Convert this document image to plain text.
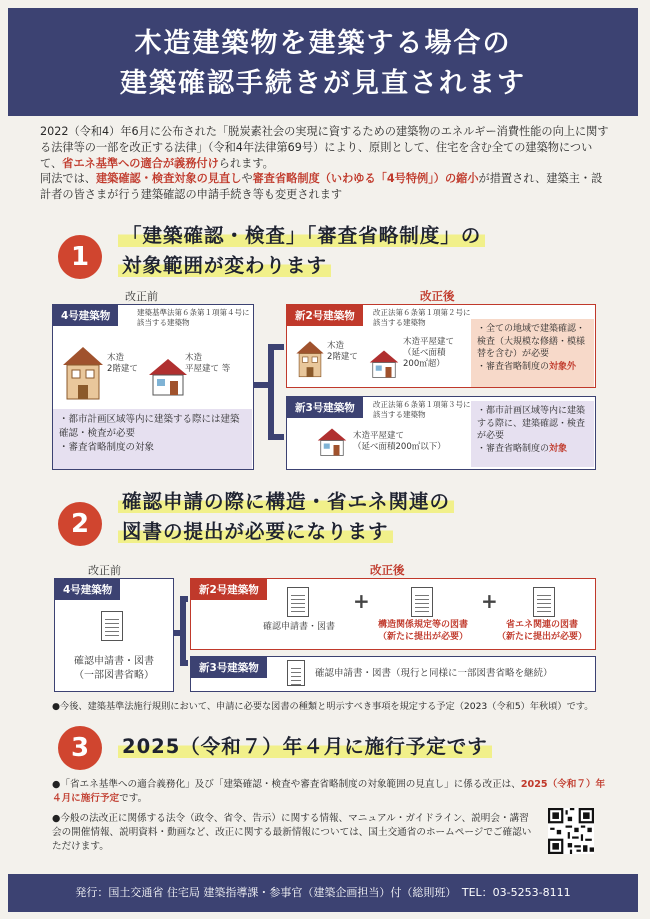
木造建築物を建築する場合の
建築確認手続きが見直されます

2022（令和4）年6月に公布された「脱炭素社会の実現に資するための建築物のエネルギー消費性能の向上に関する法律等の一部を改正する法律」（令和4年法律第69号）により、原則として、住宅を含む全ての建築物について、省エネ基準への適合が義務付けられます。

同法では、建築確認・検査対象の見直しや審査省略制度（いわゆる「4号特例」）の縮小が措置され、建築主・設計者の皆さまが行う建築確認の申請手続き等も変更されます

1
「建築確認・検査」「審査省略制度」の
対象範囲が変わります
改正前	改正後
4号建築物	建築基準法第６条第１項第４号に該当する建築物
木造
2階建て
木造
平屋建て 等
・都市計画区域等内に建築する際には建築確認・検査が必要
・審査省略制度の対象
新2号建築物	改正法第６条第１項第２号に該当する建築物
木造
2階建て
木造平屋建て
（延べ面積
200㎡超）
・全ての地域で建築確認・検査（大規模な修繕・模様 替を含む）が必要
・審査省略制度の対象外
新3号建築物	改正法第６条第１項第３号に該当する建築物
木造平屋建て
（延べ面積200㎡以下）
・都市計画区域等内に建築する際に、建築確認・検査が必要
・審査省略制度の対象
2
確認申請の際に構造・省エネ関連の
図書の提出が必要になります
改正前	改正後
4号建築物
確認申請書・図書
（一部図書省略）
新2号建築物
確認申請書・図書
+
構造関係規定等の図書
（新たに提出が必要）
+
省エネ関連の図書
（新たに提出が必要）
新3号建築物	確認申請書・図書（現行と同様に一部図書省略を継続）
●今後、建築基準法施行規則において、申請に必要な図書の種類と明示すべき事項を規定する予定（2023（令和5）年秋頃）です。
3	2025（令和７）年４月に施行予定です
●「省エネ基準への適合義務化」及び「建築確認・検査や審査省略制度の対象範囲の見直し」に係る改正は、2025（令和７）年４月に施行予定です。
●今般の法改正に関係する法令（政令、省令、告示）に関する情報、マニュアル・ガイドライン、説明会・講習会の開催情報、説明資料・動画など、改正に関する最新情報については、国土交通省のホームページでご確認いただけます。
発行：国土交通省 住宅局 建築指導課・参事官（建築企画担当）付（総則班）　TEL：03-5253-8111
